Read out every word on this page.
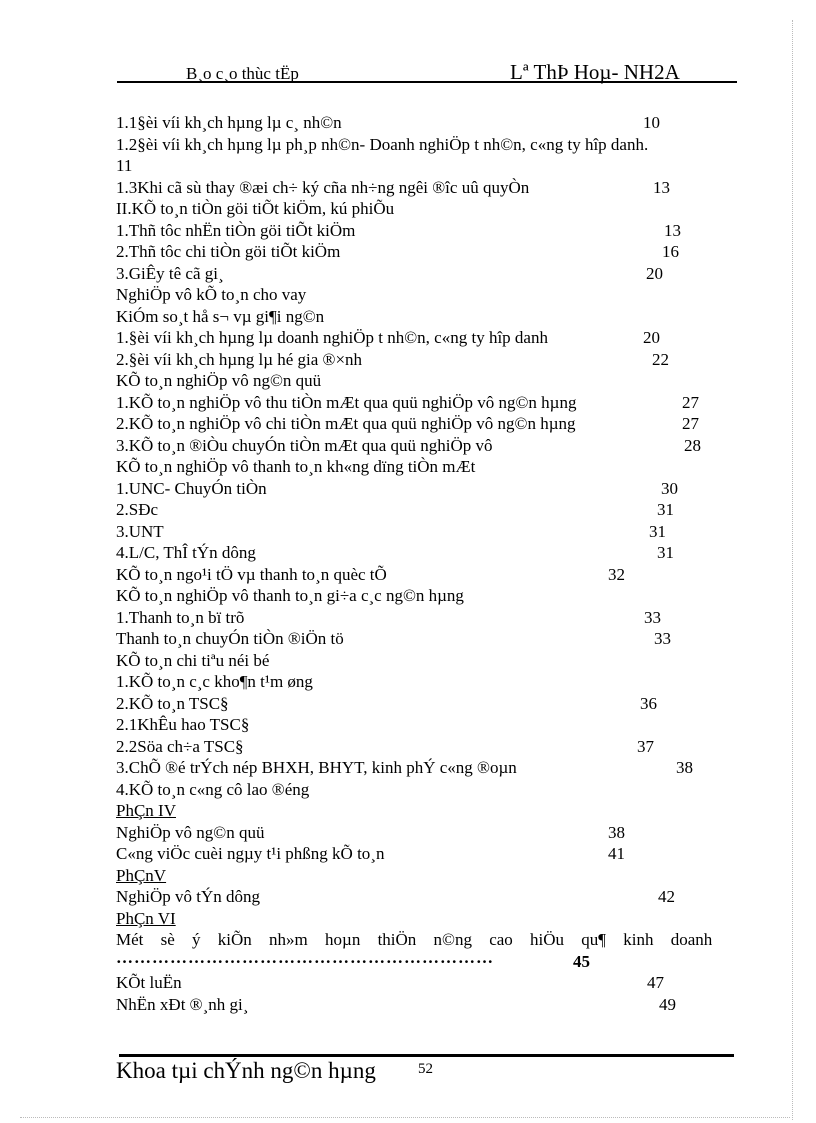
B¸o c¸o thùc tËp	Lª ThÞ Hoµ- NH2A
1.1§èi víi kh¸ch hµng lµ c¸ nh©n	10
1.2§èi víi kh¸ch hµng lµ ph¸p nh©n- Doanh nghiÖp t nh©n, c«ng ty hîp danh.
11
1.3Khi cã sù thay ®æi ch÷ ký cña nh÷ng ngêi ®îc uû quyÒn	13
II.KÕ to¸n tiÒn göi tiÕt kiÖm, kú phiÕu
1.Thñ tôc nhËn tiÒn göi tiÕt kiÖm	13
2.Thñ tôc chi tiÒn göi tiÕt kiÖm	16
3.GiÊy tê cã gi¸	20
NghiÖp vô kÕ to¸n cho vay
KiÓm so¸t hå s¬ vµ gi¶i ng©n
1.§èi víi kh¸ch hµng lµ doanh nghiÖp t nh©n, c«ng ty hîp danh	20
2.§èi víi kh¸ch hµng lµ hé gia ®×nh	22
KÕ to¸n nghiÖp vô ng©n quü
1.KÕ to¸n nghiÖp vô thu tiÒn mÆt qua quü nghiÖp vô ng©n hµng	27
2.KÕ to¸n nghiÖp vô chi tiÒn mÆt qua quü nghiÖp vô ng©n hµng	27
3.KÕ to¸n ®iÒu chuyÓn tiÒn mÆt qua quü nghiÖp vô	28
KÕ to¸n nghiÖp vô thanh to¸n kh«ng dïng tiÒn mÆt
1.UNC- ChuyÓn tiÒn	30
2.SÐc	31
3.UNT	31
4.L/C, ThÎ tÝn dông	31
KÕ to¸n ngo¹i tÖ vµ thanh to¸n quèc tÕ	32
KÕ to¸n nghiÖp vô thanh to¸n gi÷a c¸c ng©n hµng
1.Thanh to¸n bï trõ	33
Thanh to¸n chuyÓn tiÒn ®iÖn tö	33
KÕ to¸n chi tiªu néi bé
1.KÕ to¸n c¸c kho¶n t¹m øng
2.KÕ to¸n TSC§	36
2.1KhÊu hao TSC§
2.2Söa ch÷a TSC§	37
3.ChÕ ®é trÝch nép BHXH, BHYT, kinh phÝ c«ng ®oµn	38
4.KÕ to¸n c«ng cô lao ®éng
PhÇn IV
NghiÖp vô ng©n quü	38
C«ng viÖc cuèi ngµy t¹i phßng kÕ to¸n	41
PhÇnV
NghiÖp vô tÝn dông	42
PhÇn VI
Mét sè ý kiÕn nh»m hoµn thiÖn n©ng cao hiÖu qu¶ kinh doanh
………………………………………………………	45
KÕt luËn	47
NhËn xÐt ®¸nh gi¸	49
Khoa tµi chÝnh ng©n hµng	52
